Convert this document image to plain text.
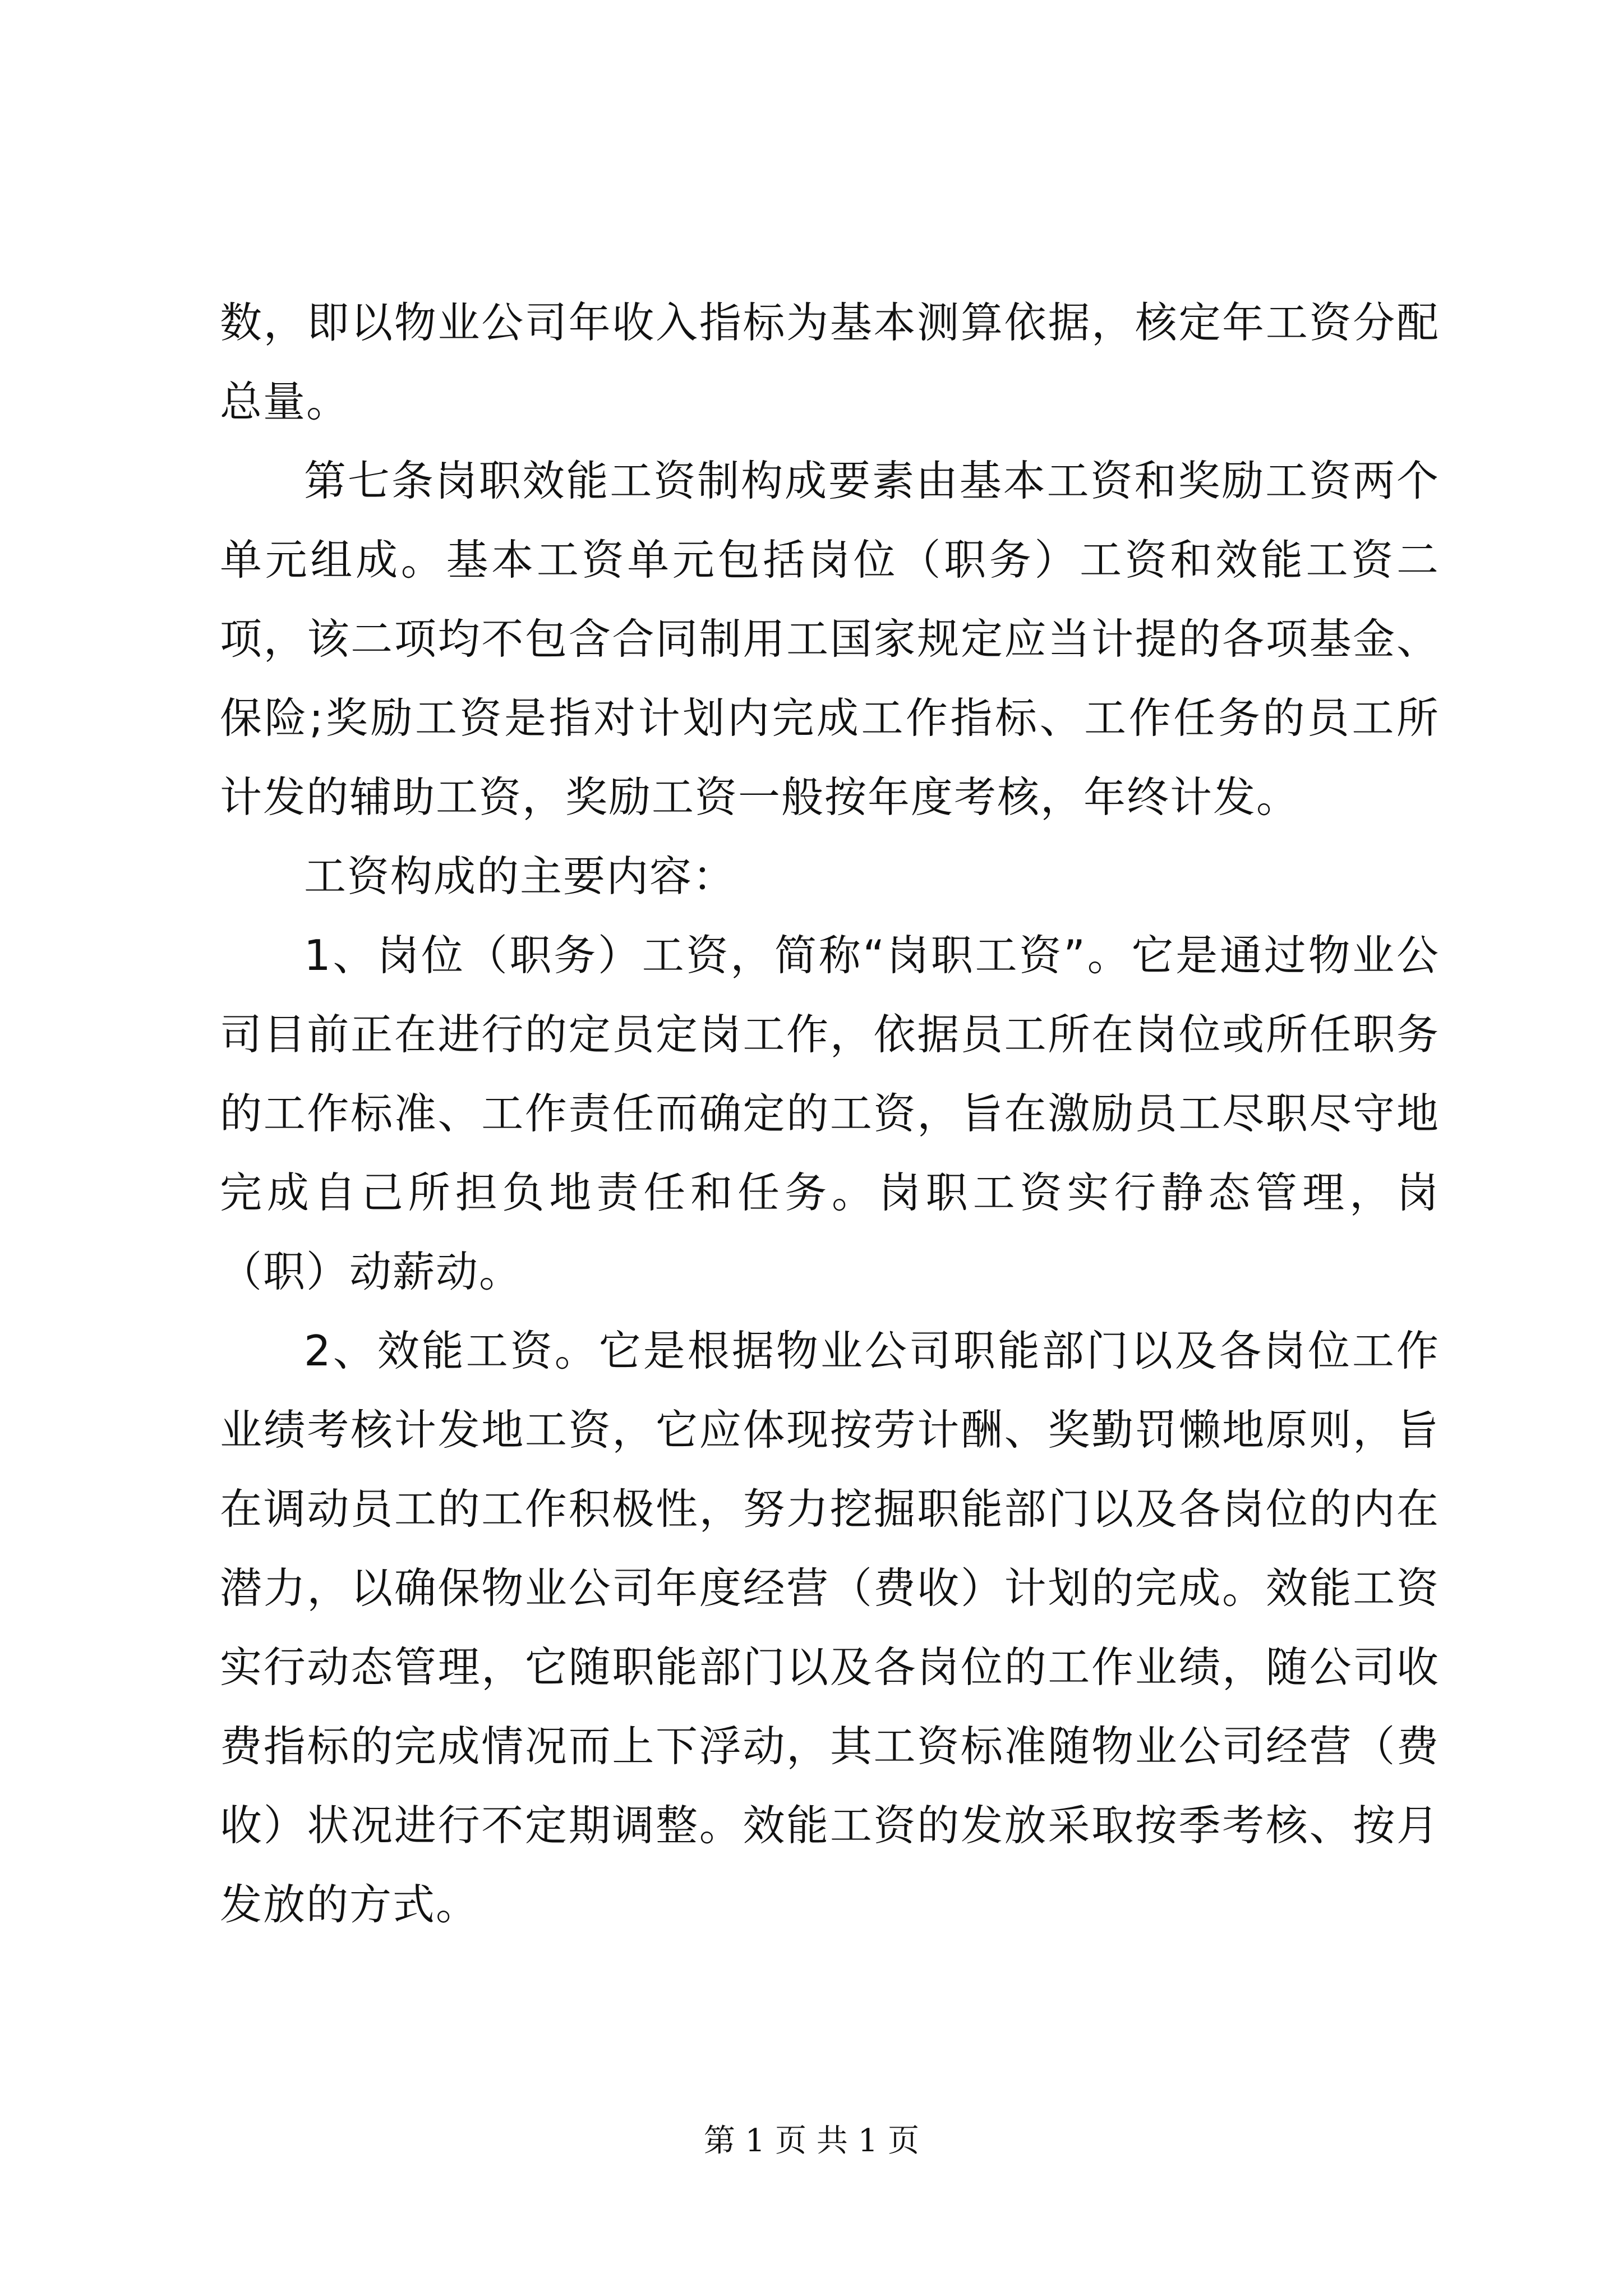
数，即以物业公司年收入指标为基本测算依据，核定年工资分配总量。

第七条岗职效能工资制构成要素由基本工资和奖励工资两个单元组成。基本工资单元包括岗位（职务）工资和效能工资二项，该二项均不包含合同制用工国家规定应当计提的各项基金、保险;奖励工资是指对计划内完成工作指标、工作任务的员工所计发的辅助工资，奖励工资一般按年度考核，年终计发。

工资构成的主要内容：

1、岗位（职务）工资，简称“岗职工资”。它是通过物业公司目前正在进行的定员定岗工作，依据员工所在岗位或所任职务的工作标准、工作责任而确定的工资，旨在激励员工尽职尽守地完成自己所担负地责任和任务。岗职工资实行静态管理，岗（职）动薪动。

2、效能工资。它是根据物业公司职能部门以及各岗位工作业绩考核计发地工资，它应体现按劳计酬、奖勤罚懒地原则，旨在调动员工的工作积极性，努力挖掘职能部门以及各岗位的内在潜力，以确保物业公司年度经营（费收）计划的完成。效能工资实行动态管理，它随职能部门以及各岗位的工作业绩，随公司收费指标的完成情况而上下浮动，其工资标准随物业公司经营（费收）状况进行不定期调整。效能工资的发放采取按季考核、按月发放的方式。

第 1 页 共 1 页
